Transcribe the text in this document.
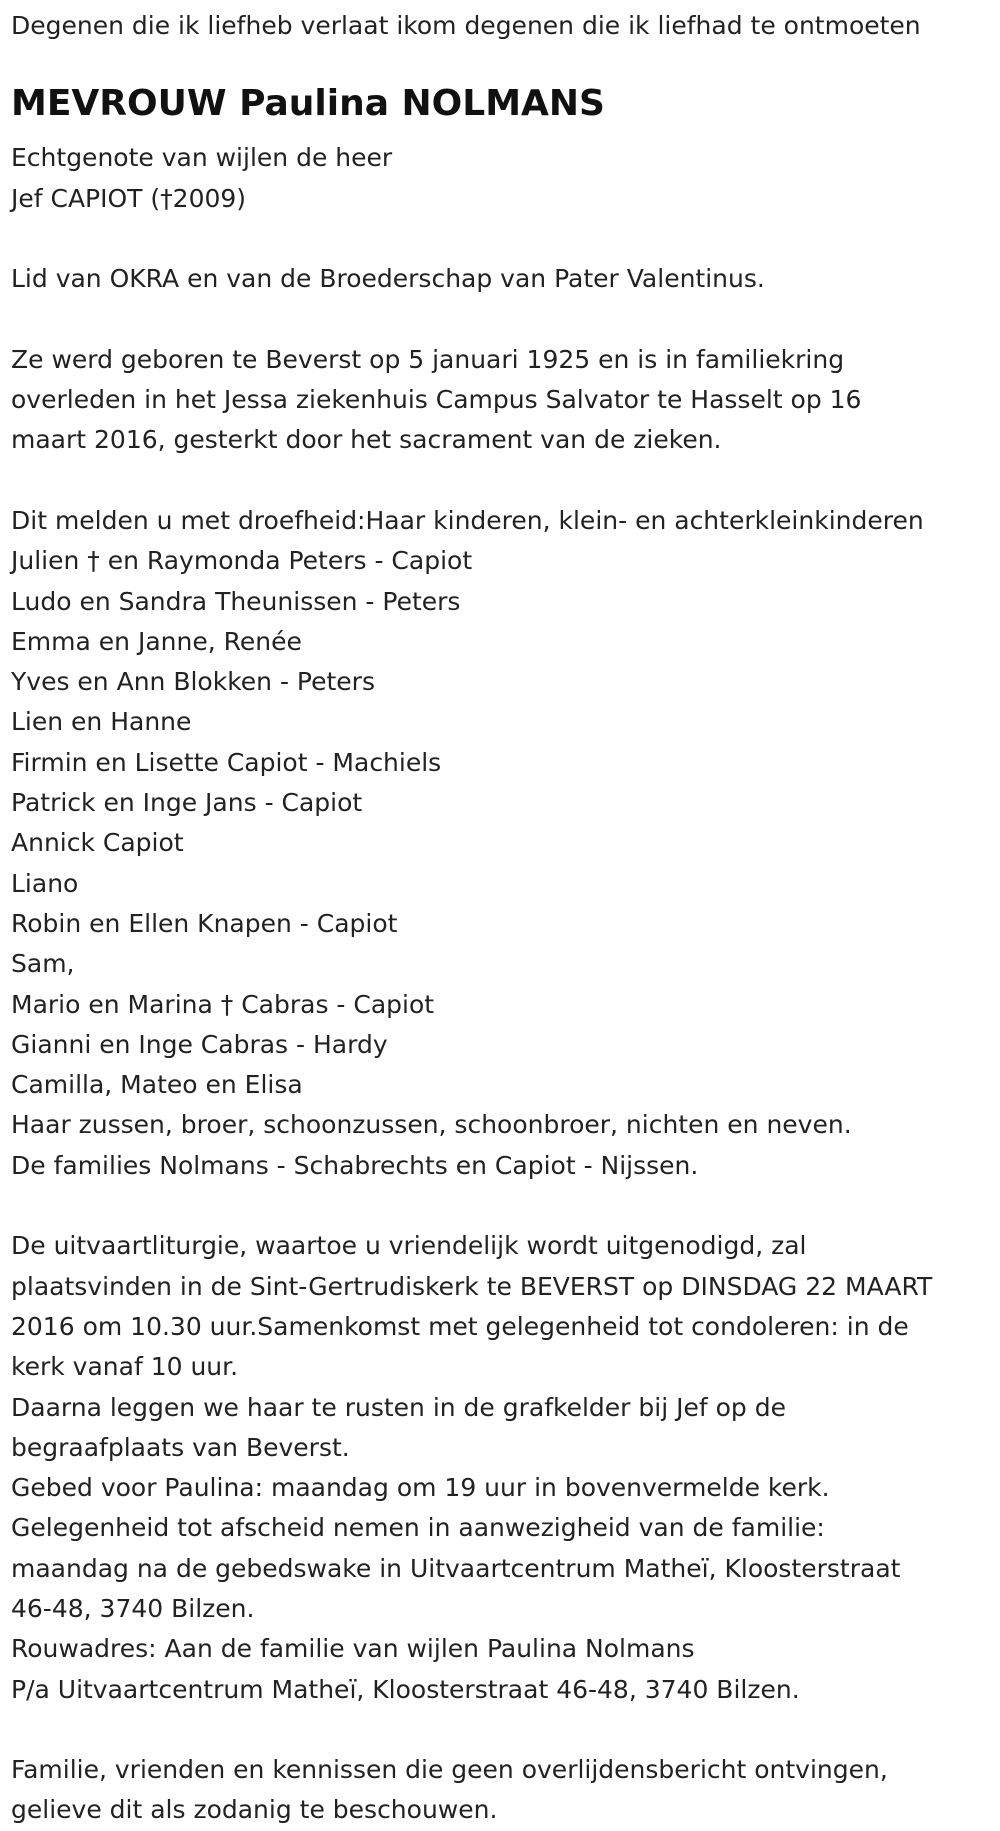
Degenen die ik liefheb verlaat ikom degenen die ik liefhad te ontmoeten

MEVROUW Paulina NOLMANS

Echtgenote van wijlen de heer

Jef CAPIOT (†2009)

Lid van OKRA en van de Broederschap van Pater Valentinus.

Ze werd geboren te Beverst op 5 januari 1925 en is in familiekring

overleden in het Jessa ziekenhuis Campus Salvator te Hasselt op 16

maart 2016, gesterkt door het sacrament van de zieken.

Dit melden u met droefheid:Haar kinderen, klein- en achterkleinkinderen

Julien † en Raymonda Peters - Capiot

Ludo en Sandra Theunissen - Peters

Emma en Janne, Renée

Yves en Ann Blokken - Peters

Lien en Hanne

Firmin en Lisette Capiot - Machiels

Patrick en Inge Jans - Capiot

Annick Capiot

Liano

Robin en Ellen Knapen - Capiot

Sam,

Mario en Marina † Cabras - Capiot

Gianni en Inge Cabras - Hardy

Camilla, Mateo en Elisa

Haar zussen, broer, schoonzussen, schoonbroer, nichten en neven.

De families Nolmans - Schabrechts en Capiot - Nijssen.

De uitvaartliturgie, waartoe u vriendelijk wordt uitgenodigd, zal

plaatsvinden in de Sint-Gertrudiskerk te BEVERST op DINSDAG 22 MAART

2016 om 10.30 uur.Samenkomst met gelegenheid tot condoleren: in de

kerk vanaf 10 uur.

Daarna leggen we haar te rusten in de grafkelder bij Jef op de

begraafplaats van Beverst.

Gebed voor Paulina: maandag om 19 uur in bovenvermelde kerk.

Gelegenheid tot afscheid nemen in aanwezigheid van de familie:

maandag na de gebedswake in Uitvaartcentrum Matheï, Kloosterstraat

46-48, 3740 Bilzen.

Rouwadres: Aan de familie van wijlen Paulina Nolmans

P/a Uitvaartcentrum Matheï, Kloosterstraat 46-48, 3740 Bilzen.

Familie, vrienden en kennissen die geen overlijdensbericht ontvingen,

gelieve dit als zodanig te beschouwen.
